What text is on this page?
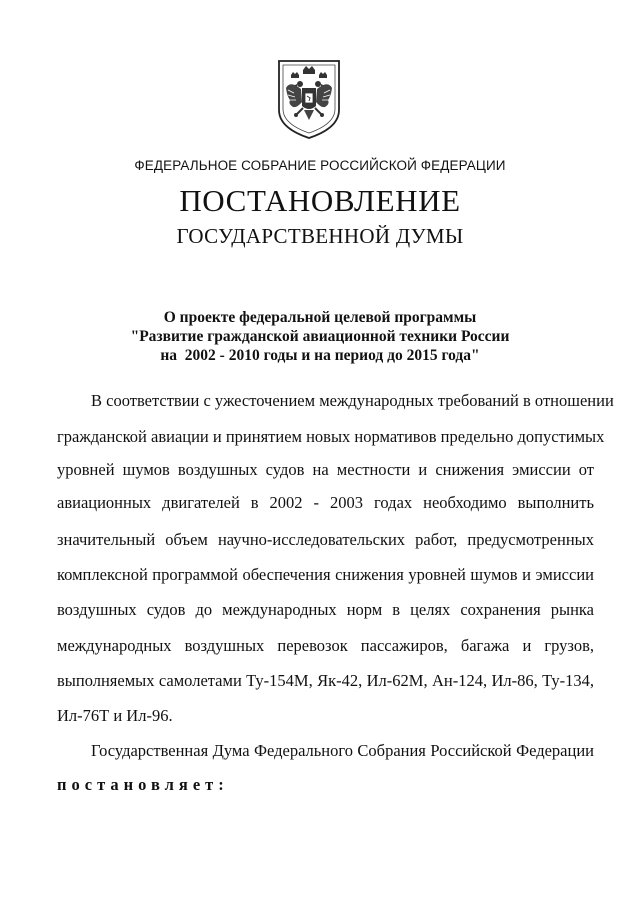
ФЕДЕРАЛЬНОЕ СОБРАНИЕ РОССИЙСКОЙ ФЕДЕРАЦИИ
ПОСТАНОВЛЕНИЕ
ГОСУДАРСТВЕННОЙ ДУМЫ
О проекте федеральной целевой программы
"Развитие гражданской авиационной техники России
на  2002 - 2010 годы и на период до 2015 года"
В соответствии с ужесточением международных требований в отношении
гражданской авиации и принятием новых нормативов предельно допустимых
уровней шумов воздушных судов на местности и снижения эмиссии от
авиационных двигателей в 2002 - 2003 годах необходимо выполнить
значительный объем научно-исследовательских работ, предусмотренных
комплексной программой обеспечения снижения уровней шумов и эмиссии
воздушных судов до международных норм в целях сохранения рынка
международных воздушных перевозок пассажиров, багажа и грузов,
выполняемых самолетами Ту-154М, Як-42, Ил-62М, Ан-124, Ил-86, Ту-134,
Ил-76Т и Ил-96.
Государственная Дума Федерального Собрания Российской Федерации
постановляет:
